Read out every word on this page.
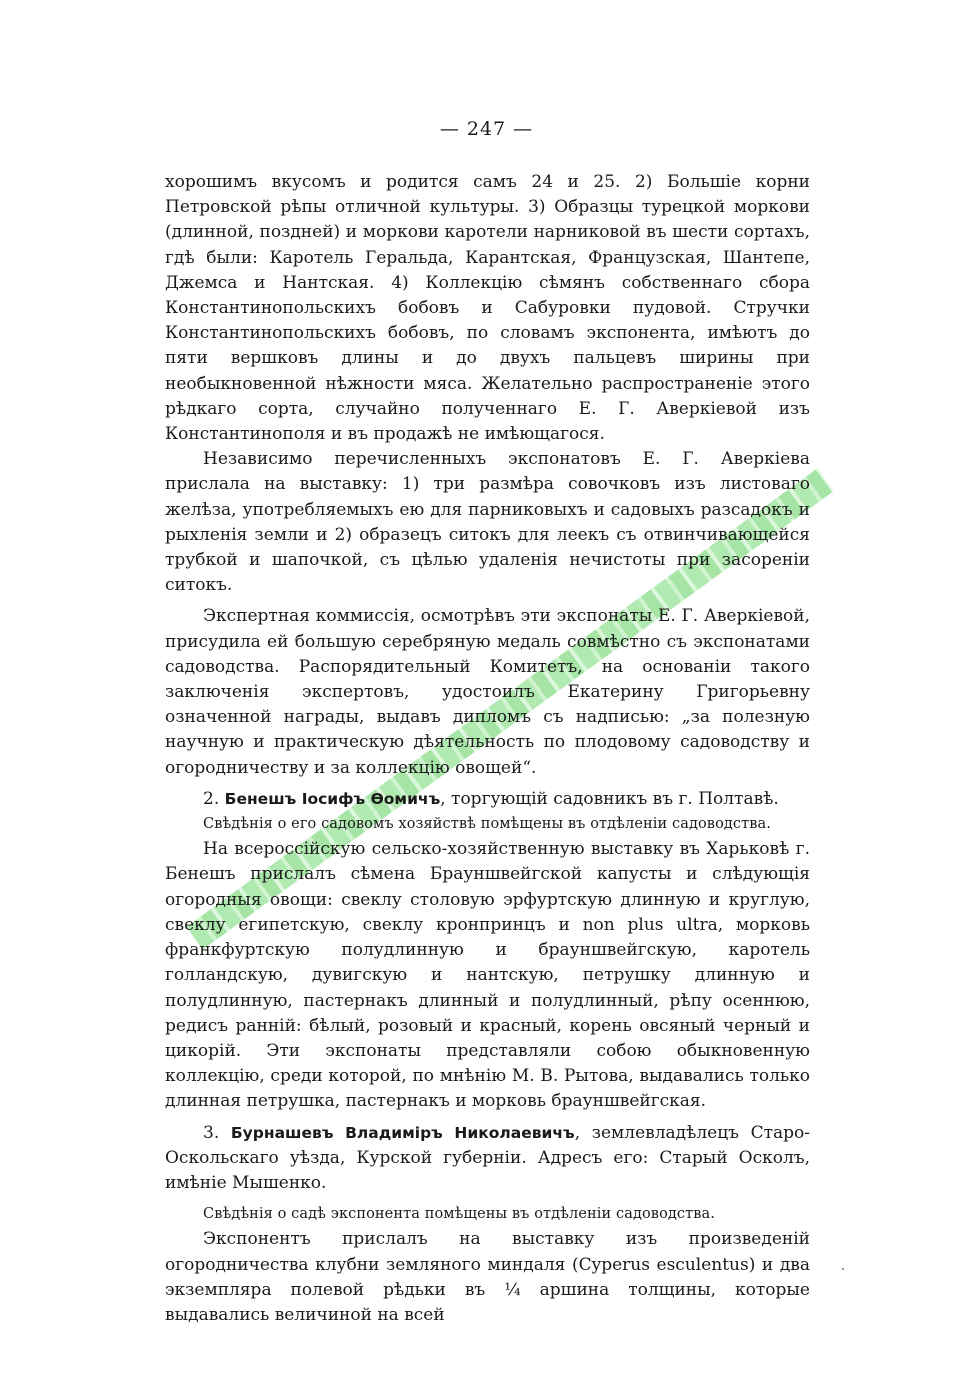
— 247 —

хорошимъ вкусомъ и родится самъ 24 и 25. 2) Большіе корни Петровской рѣпы отличной культуры. 3) Образцы турецкой моркови (длинной, поздней) и моркови каротели нарниковой въ шести сортахъ, гдѣ были: Каротель Геральда, Карантская, Французская, Шантепе, Джемса и Нантская. 4) Коллекцію сѣмянъ собственнаго сбора Константинопольскихъ бобовъ и Сабуровки пудовой. Стручки Константинопольскихъ бобовъ, по словамъ экспонента, имѣютъ до пяти вершковъ длины и до двухъ пальцевъ ширины при необыкновенной нѣжности мяса. Желательно распространеніе этого рѣдкаго сорта, случайно полученнаго Е. Г. Аверкіевой изъ Константинополя и въ продажѣ не имѣющагося.

Независимо перечисленныхъ экспонатовъ Е. Г. Аверкіева прислала на выставку: 1) три размѣра совочковъ изъ листоваго желѣза, употребляемыхъ ею для парниковыхъ и садовыхъ разсадокъ и рыхленія земли и 2) образецъ ситокъ для леекъ съ отвинчивающейся трубкой и шапочкой, съ цѣлью удаленія нечистоты при засореніи ситокъ.

Экспертная коммиссія, осмотрѣвъ эти экспонаты Е. Г. Аверкіевой, присудила ей большую серебряную медаль совмѣстно съ экспонатами садоводства. Распорядительный Комитетъ, на основаніи такого заключенія экспертовъ, удостоилъ Екатерину Григорьевну означенной награды, выдавъ дипломъ съ надписью: „за полезную научную и практическую дѣятельность по плодовому садоводству и огородничеству и за коллекцію овощей“.

2. Бенешъ Іосифъ Ѳомичъ, торгующій садовникъ въ г. Полтавѣ.

Свѣдѣнія о его садовомъ хозяйствѣ помѣщены въ отдѣленіи садоводства.

На всероссійскую сельско-хозяйственную выставку въ Харьковѣ г. Бенешъ прислалъ сѣмена Брауншвейгской капусты и слѣдующія огородныя овощи: свеклу столовую эрфуртскую длинную и круглую, свеклу египетскую, свеклу кронпринцъ и non plus ultra, морковь франкфуртскую полудлинную и брауншвейгскую, каротель голландскую, дувигскую и нантскую, петрушку длинную и полудлинную, пастернакъ длинный и полудлинный, рѣпу осеннюю, редисъ ранній: бѣлый, розовый и красный, корень овсяный черный и цикорій. Эти экспонаты представляли собою обыкновенную коллекцію, среди которой, по мнѣнію М. В. Рытова, выдавались только длинная петрушка, пастернакъ и морковь брауншвейгская.

3. Бурнашевъ Владиміръ Николаевичъ, землевладѣлецъ Старо-Оскольскаго уѣзда, Курской губерніи. Адресъ его: Старый Осколъ, имѣніе Мышенко.

Свѣдѣнія о садѣ экспонента помѣщены въ отдѣленіи садоводства.

Экспонентъ прислалъ на выставку изъ произведеній огородничества клубни земляного миндаля (Cyperus esculentus) и два экземпляра полевой рѣдьки въ ¼ аршина толщины, которые выдавались величиной на всей
